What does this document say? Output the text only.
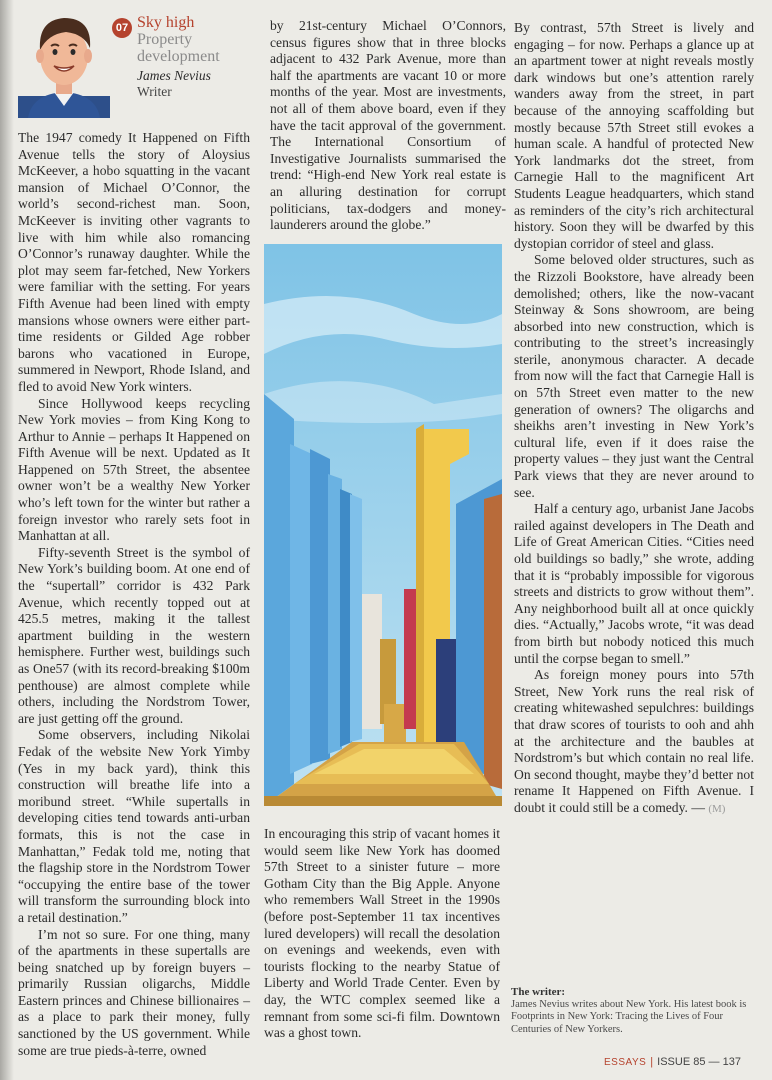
07 Sky high
Property
development
James Nevius
Writer

The 1947 comedy It Happened on Fifth Avenue tells the story of Aloysius McKeever, a hobo squatting in the vacant mansion of Michael O’Connor, the world’s second-richest man. Soon, McKeever is inviting other vagrants to live with him while also romancing O’Connor’s runaway daughter. While the plot may seem far-fetched, New Yorkers were familiar with the setting. For years Fifth Avenue had been lined with empty mansions whose owners were either part-time residents or Gilded Age robber barons who vacationed in Europe, summered in Newport, Rhode Island, and fled to avoid New York winters.

Since Hollywood keeps recycling New York movies – from King Kong to Arthur to Annie – perhaps It Happened on Fifth Avenue will be next. Updated as It Happened on 57th Street, the absentee owner won’t be a wealthy New Yorker who’s left town for the winter but rather a foreign investor who rarely sets foot in Manhattan at all.

Fifty-seventh Street is the symbol of New York’s building boom. At one end of the “supertall” corridor is 432 Park Avenue, which recently topped out at 425.5 metres, making it the tallest apartment building in the western hemisphere. Further west, buildings such as One57 (with its record-breaking $100m penthouse) are almost complete while others, including the Nordstrom Tower, are just getting off the ground.

Some observers, including Nikolai Fedak of the website New York Yimby (Yes in my back yard), think this construction will breathe life into a moribund street. “While supertalls in developing cities tend towards anti-urban formats, this is not the case in Manhattan,” Fedak told me, noting that the flagship store in the Nordstrom Tower “occupying the entire base of the tower will transform the surrounding block into a retail destination.”

I’m not so sure. For one thing, many of the apartments in these supertalls are being snatched up by foreign buyers – primarily Russian oligarchs, Middle Eastern princes and Chinese billionaires – as a place to park their money, fully sanctioned by the US government. While some are true pieds-à-terre, owned

by 21st-century Michael O’Connors, census figures show that in three blocks adjacent to 432 Park Avenue, more than half the apartments are vacant 10 or more months of the year. Most are investments, not all of them above board, even if they have the tacit approval of the government. The International Consortium of Investigative Journalists summarised the trend: “High-end New York real estate is an alluring destination for corrupt politicians, tax-dodgers and money-launderers around the globe.”

In encouraging this strip of vacant homes it would seem like New York has doomed 57th Street to a sinister future – more Gotham City than the Big Apple. Anyone who remembers Wall Street in the 1990s (before post-September 11 tax incentives lured developers) will recall the desolation on evenings and weekends, even with tourists flocking to the nearby Statue of Liberty and World Trade Center. Even by day, the WTC complex seemed like a remnant from some sci-fi film. Downtown was a ghost town.

By contrast, 57th Street is lively and engaging – for now. Perhaps a glance up at an apartment tower at night reveals mostly dark windows but one’s attention rarely wanders away from the street, in part because of the annoying scaffolding but mostly because 57th Street still evokes a human scale. A handful of protected New York landmarks dot the street, from Carnegie Hall to the magnificent Art Students League headquarters, which stand as reminders of the city’s rich architectural history. Soon they will be dwarfed by this dystopian corridor of steel and glass.

Some beloved older structures, such as the Rizzoli Bookstore, have already been demolished; others, like the now-vacant Steinway & Sons showroom, are being absorbed into new construction, which is contributing to the street’s increasingly sterile, anonymous character. A decade from now will the fact that Carnegie Hall is on 57th Street even matter to the new generation of owners? The oligarchs and sheikhs aren’t investing in New York’s cultural life, even if it does raise the property values – they just want the Central Park views that they are never around to see.

Half a century ago, urbanist Jane Jacobs railed against developers in The Death and Life of Great American Cities. “Cities need old buildings so badly,” she wrote, adding that it is “probably impossible for vigorous streets and districts to grow without them”. Any neighborhood built all at once quickly dies. “Actually,” Jacobs wrote, “it was dead from birth but nobody noticed this much until the corpse began to smell.”

As foreign money pours into 57th Street, New York runs the real risk of creating whitewashed sepulchres: buildings that draw scores of tourists to ooh and ahh at the architecture and the baubles at Nordstrom’s but which contain no real life. On second thought, maybe they’d better not rename It Happened on Fifth Avenue. I doubt it could still be a comedy. — (M)

The writer:
James Nevius writes about New York. His latest book is Footprints in New York: Tracing the Lives of Four Centuries of New Yorkers.
ESSAYS | ISSUE 85 — 137
